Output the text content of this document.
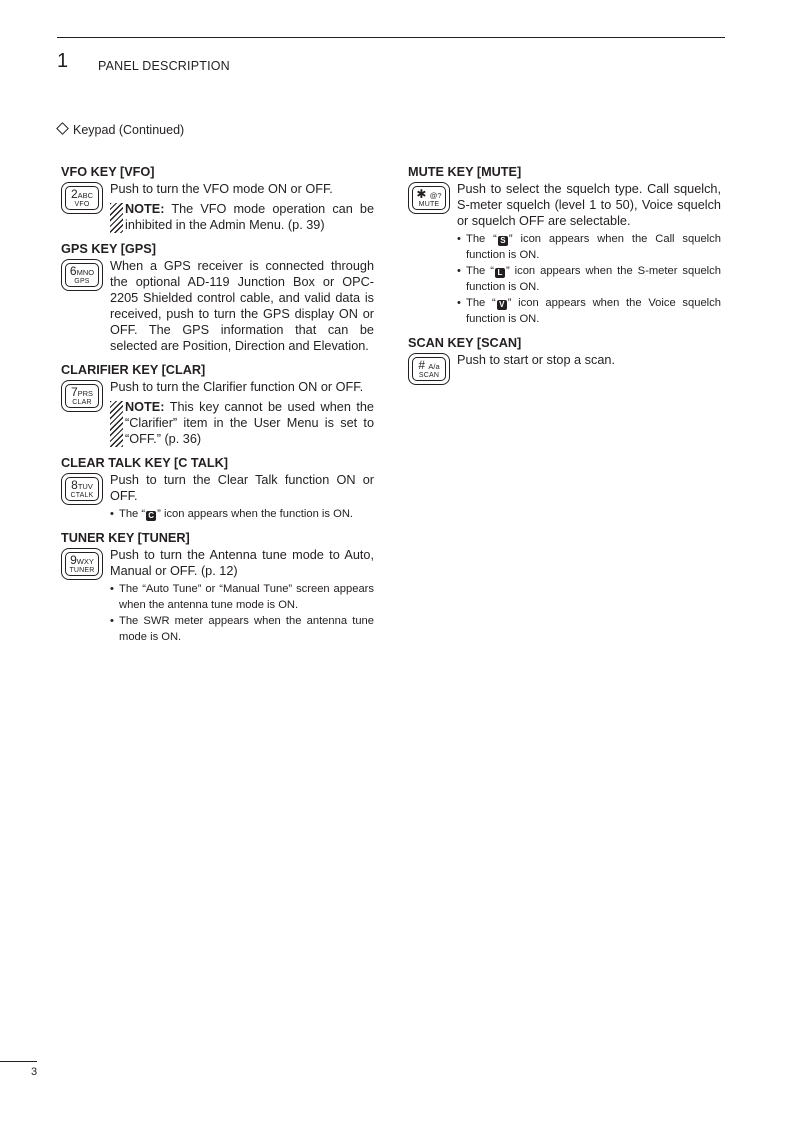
1 PANEL DESCRIPTION
Keypad (Continued)
VFO KEY [VFO]
2ABC
VFO
Push to turn the VFO mode ON or OFF.
NOTE: The VFO mode operation can be inhibited in the Admin Menu. (p. 39)
GPS KEY [GPS]
6MNO
GPS
When a GPS receiver is connected through the optional AD-119 Junction Box or OPC-2205 Shielded control cable, and valid data is received, push to turn the GPS display ON or OFF. The GPS information that can be selected are Position, Direction and Elevation.
CLARIFIER KEY [CLAR]
7PRS
CLAR
Push to turn the Clarifier function ON or OFF.
NOTE: This key cannot be used when the “Clarifier” item in the User Menu is set to “OFF.” (p. 36)
CLEAR TALK KEY [C TALK]
8TUV
CTALK
Push to turn the Clear Talk function ON or OFF.
• The “ C ” icon appears when the function is ON.
TUNER KEY [TUNER]
9WXY
TUNER
Push to turn the Antenna tune mode to Auto, Manual or OFF. (p. 12)
• The “Auto Tune” or “Manual Tune” screen appears when the antenna tune mode is ON.
• The SWR meter appears when the antenna tune mode is ON.
MUTE KEY [MUTE]
✱ @?
MUTE
Push to select the squelch type. Call squelch, S-meter squelch (level 1 to 50), Voice squelch or squelch OFF are selectable.
• The “ S ” icon appears when the Call squelch function is ON.
• The “ L ” icon appears when the S-meter squelch function is ON.
• The “ V ” icon appears when the Voice squelch function is ON.
SCAN KEY [SCAN]
# A/a
SCAN
Push to start or stop a scan.
3
